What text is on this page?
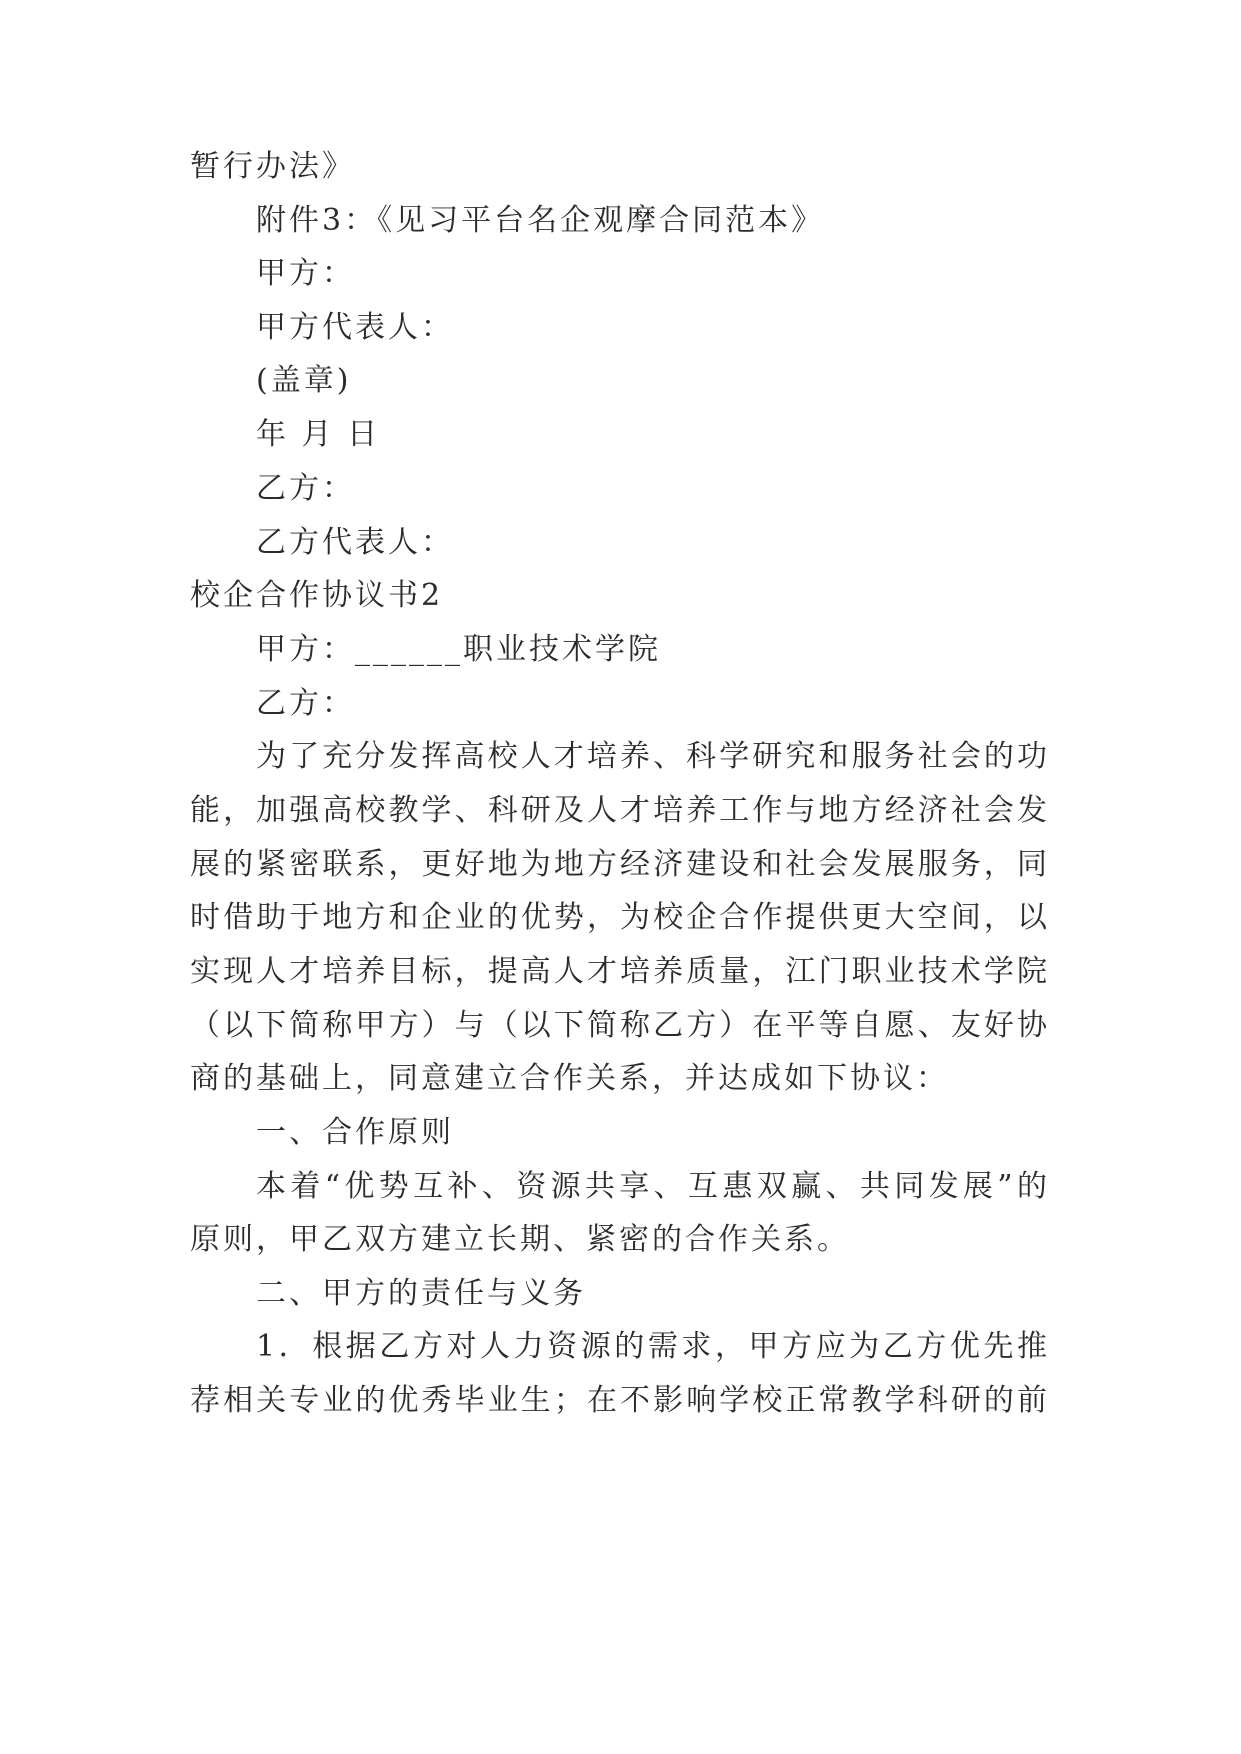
暂行办法》
附件3：《见习平台名企观摩合同范本》
甲方：
甲方代表人：
(盖章)
年 月 日
乙方：
乙方代表人：
校企合作协议书2
甲方：______职业技术学院
乙方：
为了充分发挥高校人才培养、科学研究和服务社会的功
能，加强高校教学、科研及人才培养工作与地方经济社会发
展的紧密联系，更好地为地方经济建设和社会发展服务，同
时借助于地方和企业的优势，为校企合作提供更大空间，以
实现人才培养目标，提高人才培养质量，江门职业技术学院
（以下简称甲方）与（以下简称乙方）在平等自愿、友好协
商的基础上，同意建立合作关系，并达成如下协议：
一、合作原则
本着“优势互补、资源共享、互惠双赢、共同发展”的
原则，甲乙双方建立长期、紧密的合作关系。
二、甲方的责任与义务
1．根据乙方对人力资源的需求，甲方应为乙方优先推
荐相关专业的优秀毕业生；在不影响学校正常教学科研的前
